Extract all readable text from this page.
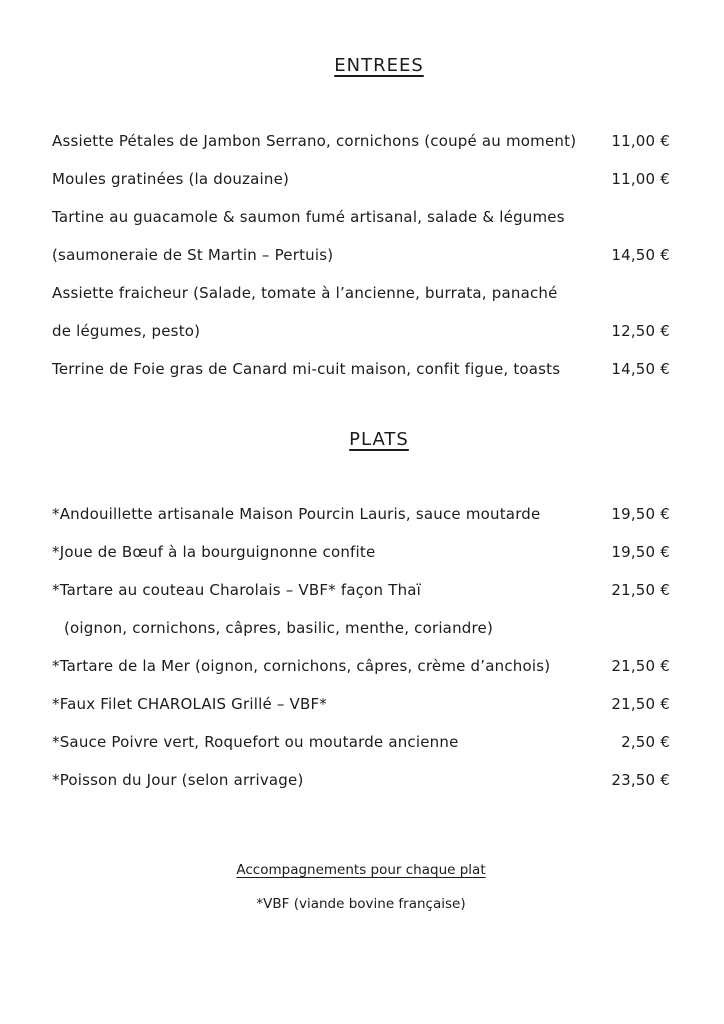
ENTREES
Assiette Pétales de Jambon Serrano, cornichons (coupé au moment)	11,00 €
Moules gratinées (la douzaine)	11,00 €
Tartine au guacamole & saumon fumé artisanal, salade & légumes
(saumoneraie de St Martin – Pertuis)	14,50 €
Assiette fraicheur (Salade, tomate à l’ancienne, burrata, panaché
de légumes, pesto)	12,50 €
Terrine de Foie gras de Canard mi-cuit maison, confit figue, toasts	14,50 €
PLATS
*Andouillette artisanale Maison Pourcin Lauris, sauce moutarde	19,50 €
*Joue de Bœuf à la bourguignonne confite	19,50 €
*Tartare au couteau Charolais – VBF* façon Thaï	21,50 €
(oignon, cornichons, câpres, basilic, menthe, coriandre)
*Tartare de la Mer (oignon, cornichons, câpres, crème d’anchois)	21,50 €
*Faux Filet CHAROLAIS Grillé – VBF*	21,50 €
*Sauce Poivre vert, Roquefort ou moutarde ancienne	2,50 €
*Poisson du Jour (selon arrivage)	23,50 €
Accompagnements pour chaque plat
*VBF (viande bovine française)
